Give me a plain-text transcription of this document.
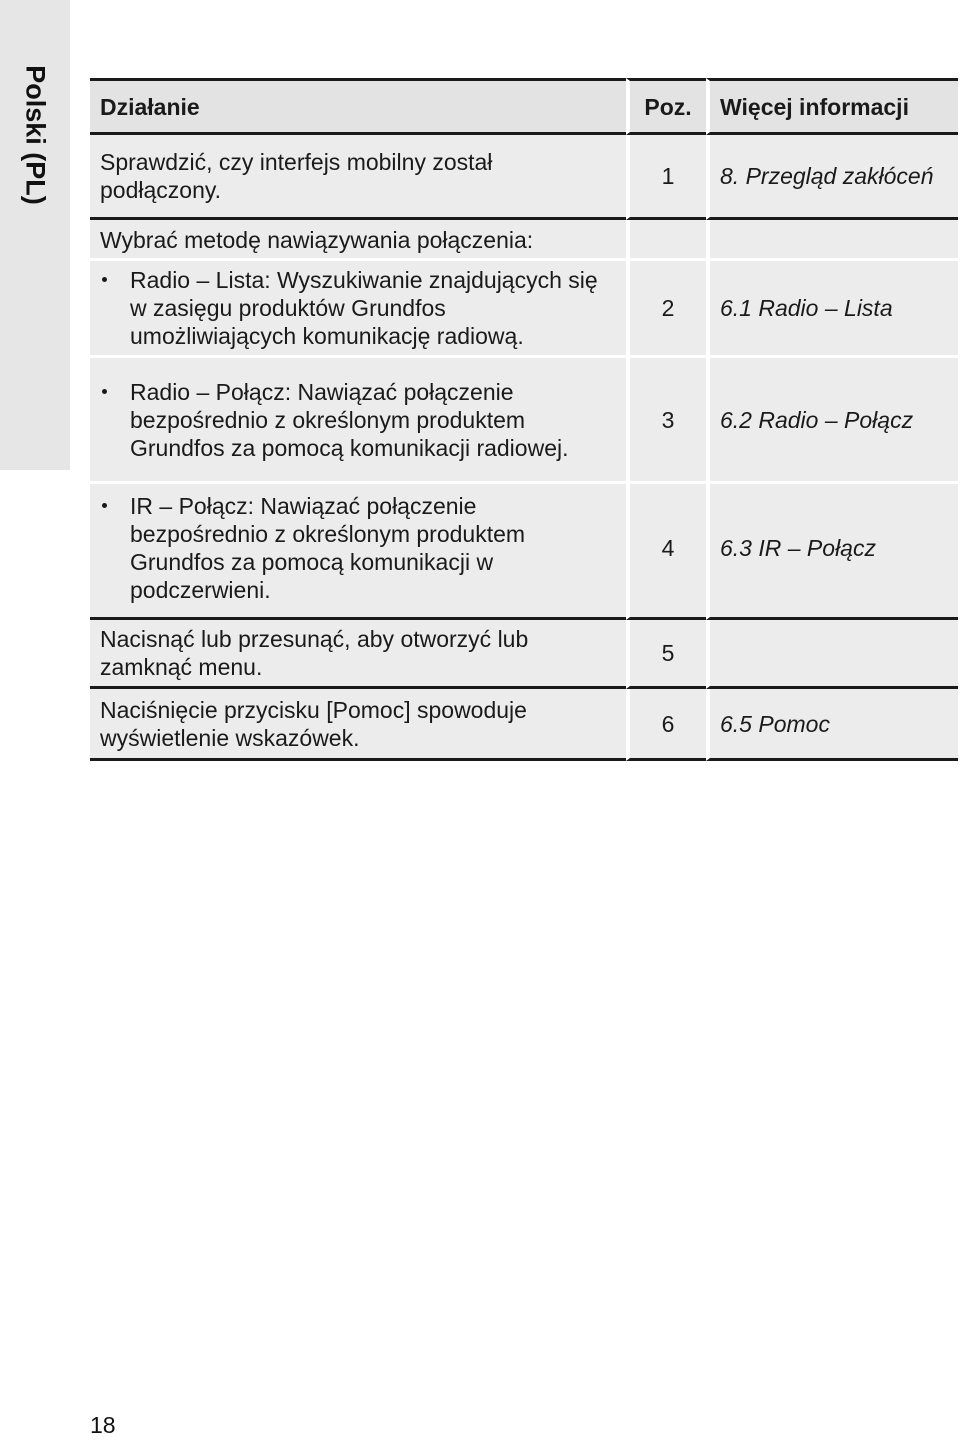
Polski (PL) Działanie	Poz.	Więcej informacji
Sprawdzić, czy interfejs mobilny został podłączony.	1	8. Przegląd zakłóceń
Wybrać metodę nawiązywania połączenia:		

Radio – Lista: Wyszukiwanie znajdujących się w zasięgu produktów Grundfos umożliwiających komunikację radiową.	2	6.1 Radio – Lista

Radio – Połącz: Nawiązać połączenie bezpośrednio z określonym produktem Grundfos za pomocą komunikacji radiowej.	3	6.2 Radio – Połącz

IR – Połącz: Nawiązać połączenie bezpośrednio z określonym produktem Grundfos za pomocą komunikacji w podczerwieni.	4	6.3 IR – Połącz
Nacisnąć lub przesunąć, aby otworzyć lub zamknąć menu.	5	
Naciśnięcie przycisku [Pomoc] spowoduje wyświetlenie wskazówek.	6	6.5 Pomoc
18
